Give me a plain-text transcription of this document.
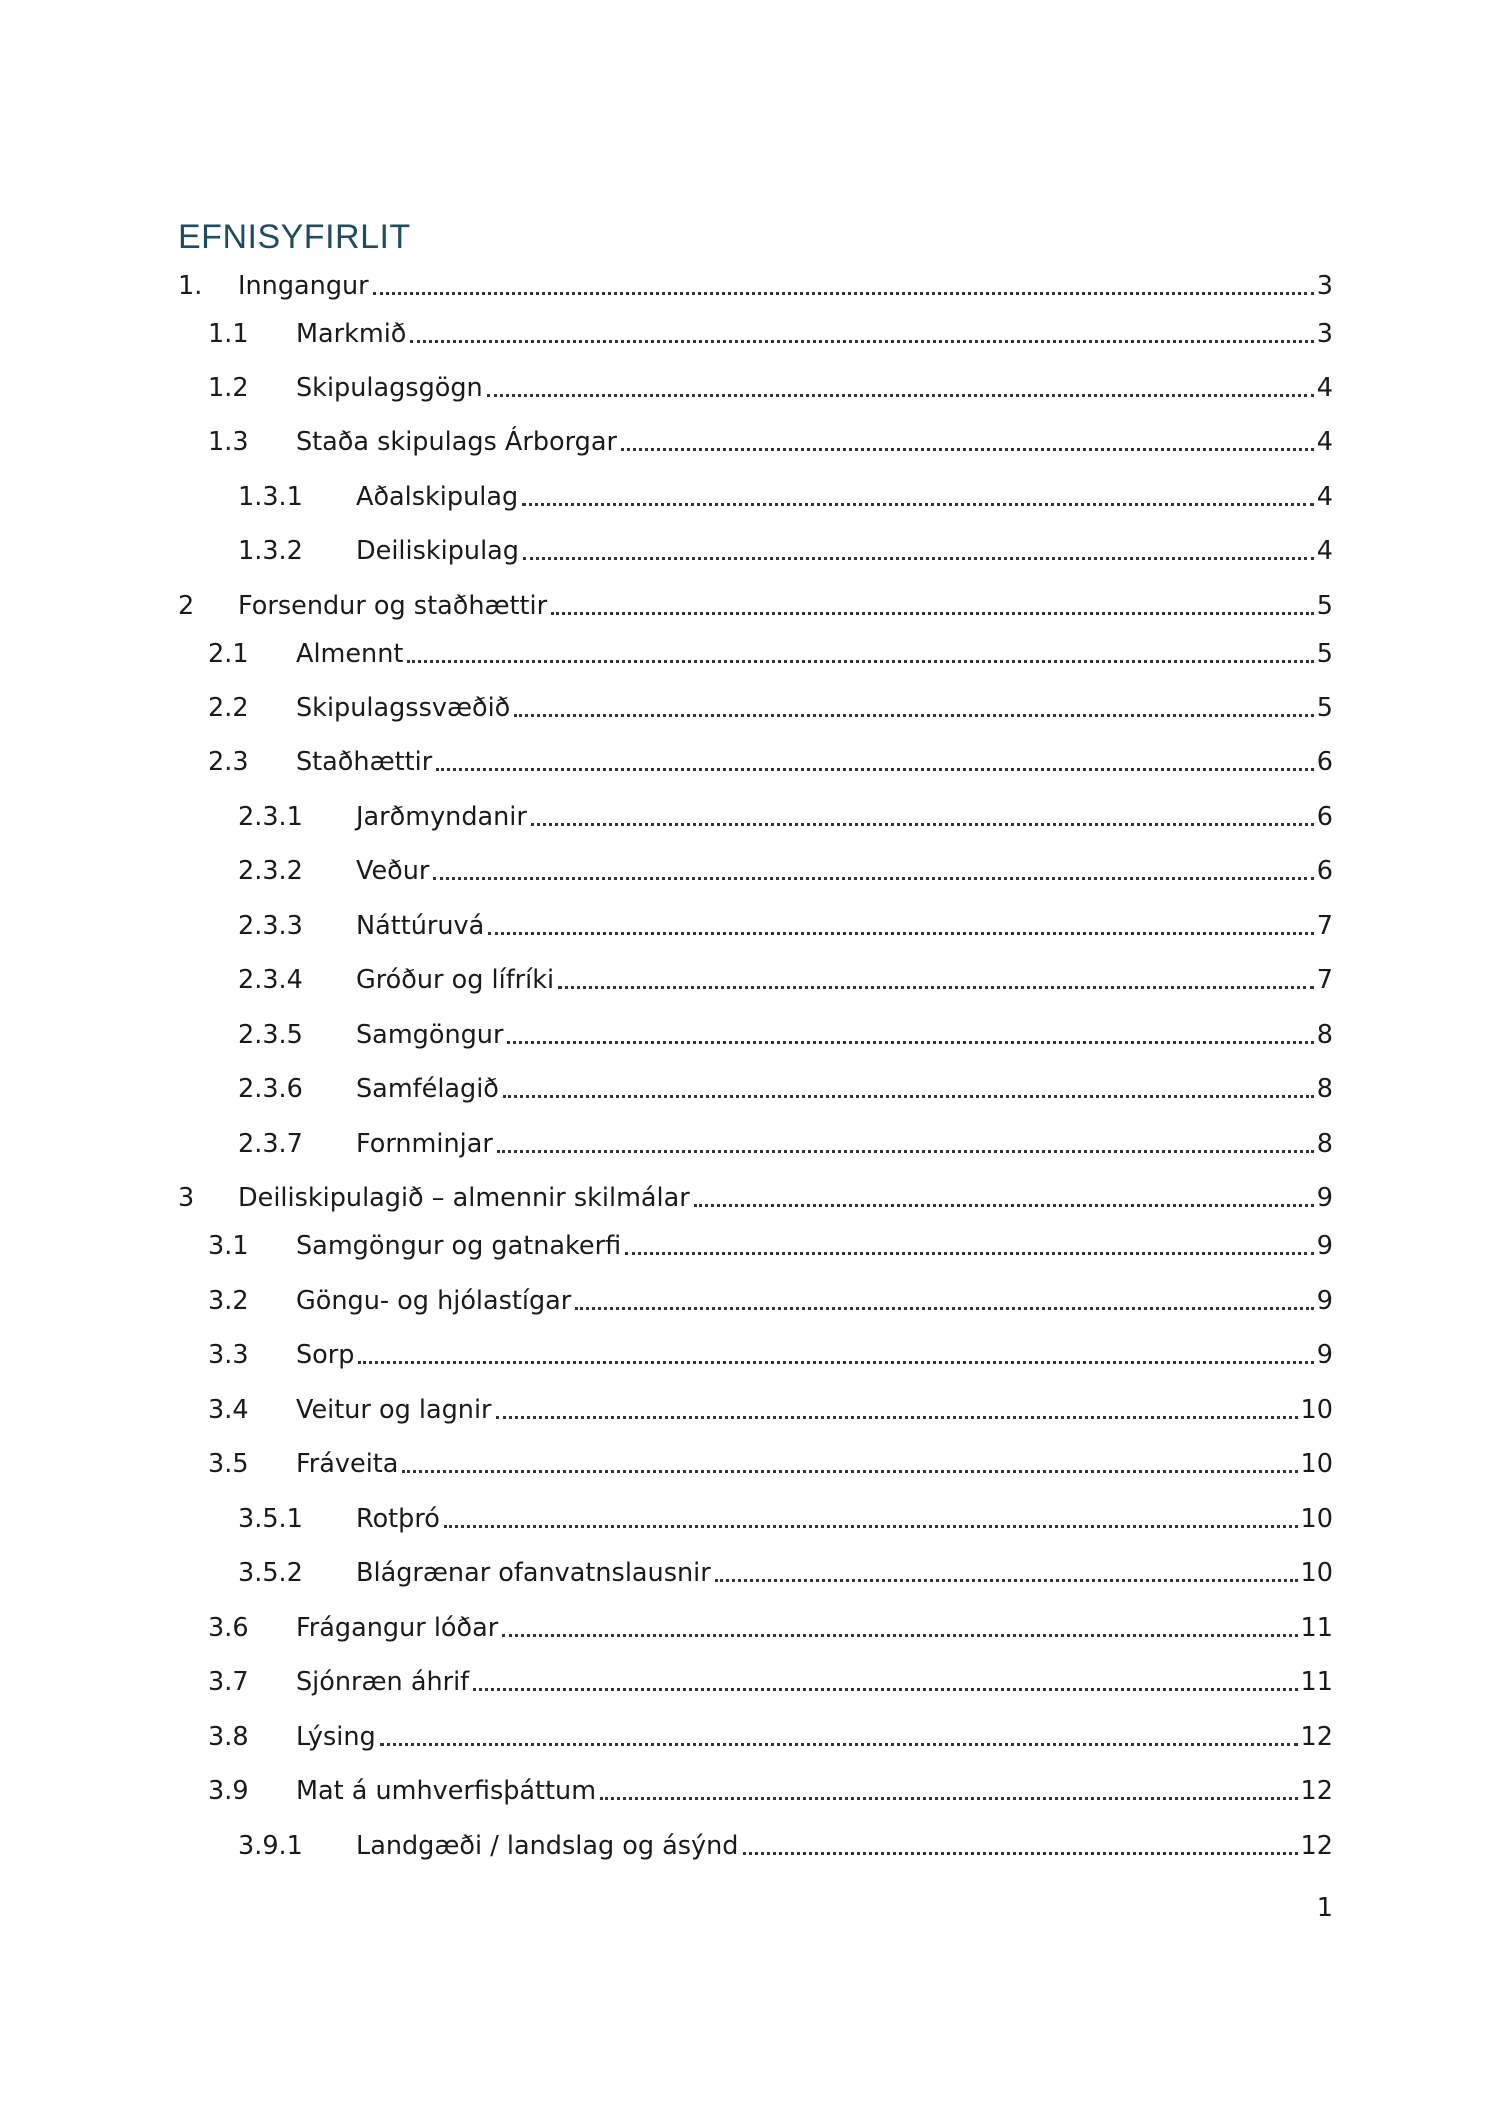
EFNISYFIRLIT
1.	Inngangur	3
1.1	Markmið	3
1.2	Skipulagsgögn	4
1.3	Staða skipulags Árborgar	4
1.3.1	Aðalskipulag	4
1.3.2	Deiliskipulag	4
2	Forsendur og staðhættir	5
2.1	Almennt	5
2.2	Skipulagssvæðið	5
2.3	Staðhættir	6
2.3.1	Jarðmyndanir	6
2.3.2	Veður	6
2.3.3	Náttúruvá	7
2.3.4	Gróður og lífríki	7
2.3.5	Samgöngur	8
2.3.6	Samfélagið	8
2.3.7	Fornminjar	8
3	Deiliskipulagið – almennir skilmálar	9
3.1	Samgöngur og gatnakerfi	9
3.2	Göngu- og hjólastígar	9
3.3	Sorp	9
3.4	Veitur og lagnir	10
3.5	Fráveita	10
3.5.1	Rotþró	10
3.5.2	Blágrænar ofanvatnslausnir	10
3.6	Frágangur lóðar	11
3.7	Sjónræn áhrif	11
3.8	Lýsing	12
3.9	Mat á umhverfisþáttum	12
3.9.1	Landgæði / landslag og ásýnd	12
1
